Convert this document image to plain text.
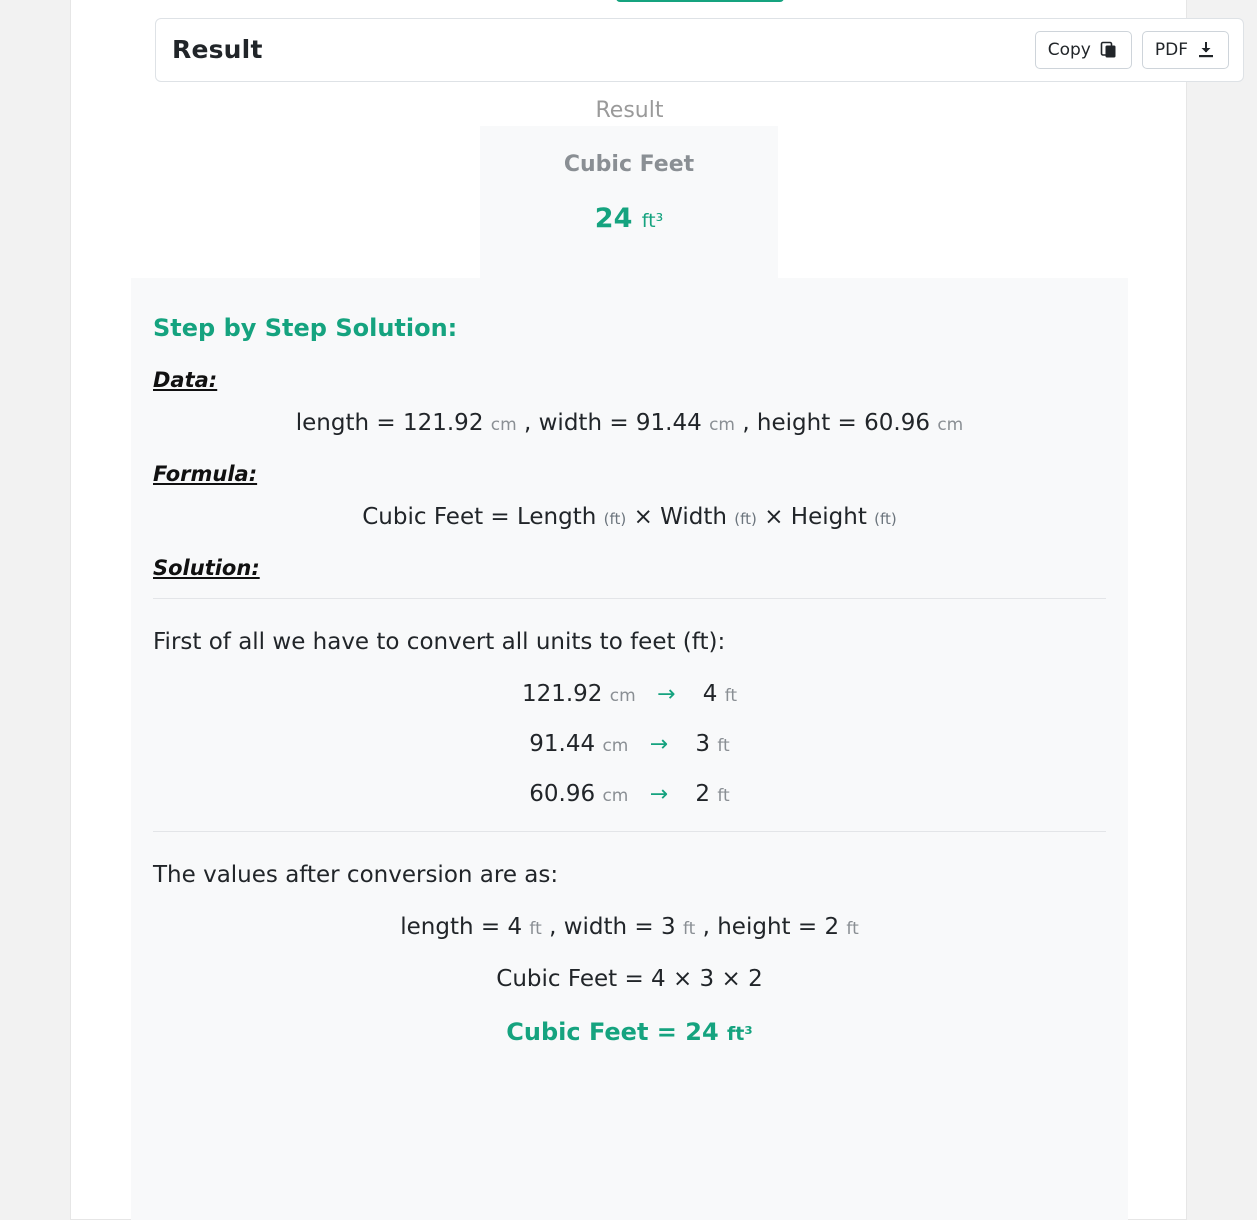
Result	Copy	PDF
Result
Cubic Feet
24 ft³
Step by Step Solution:
Data:
length = 121.92 cm , width = 91.44 cm , height = 60.96 cm
Formula:
Cubic Feet = Length (ft) × Width (ft) × Height (ft)
Solution:
First of all we have to convert all units to feet (ft):
121.92 cm → 4 ft
91.44 cm → 3 ft
60.96 cm → 2 ft
The values after conversion are as:
length = 4 ft , width = 3 ft , height = 2 ft
Cubic Feet = 4 × 3 × 2
Cubic Feet = 24 ft³
